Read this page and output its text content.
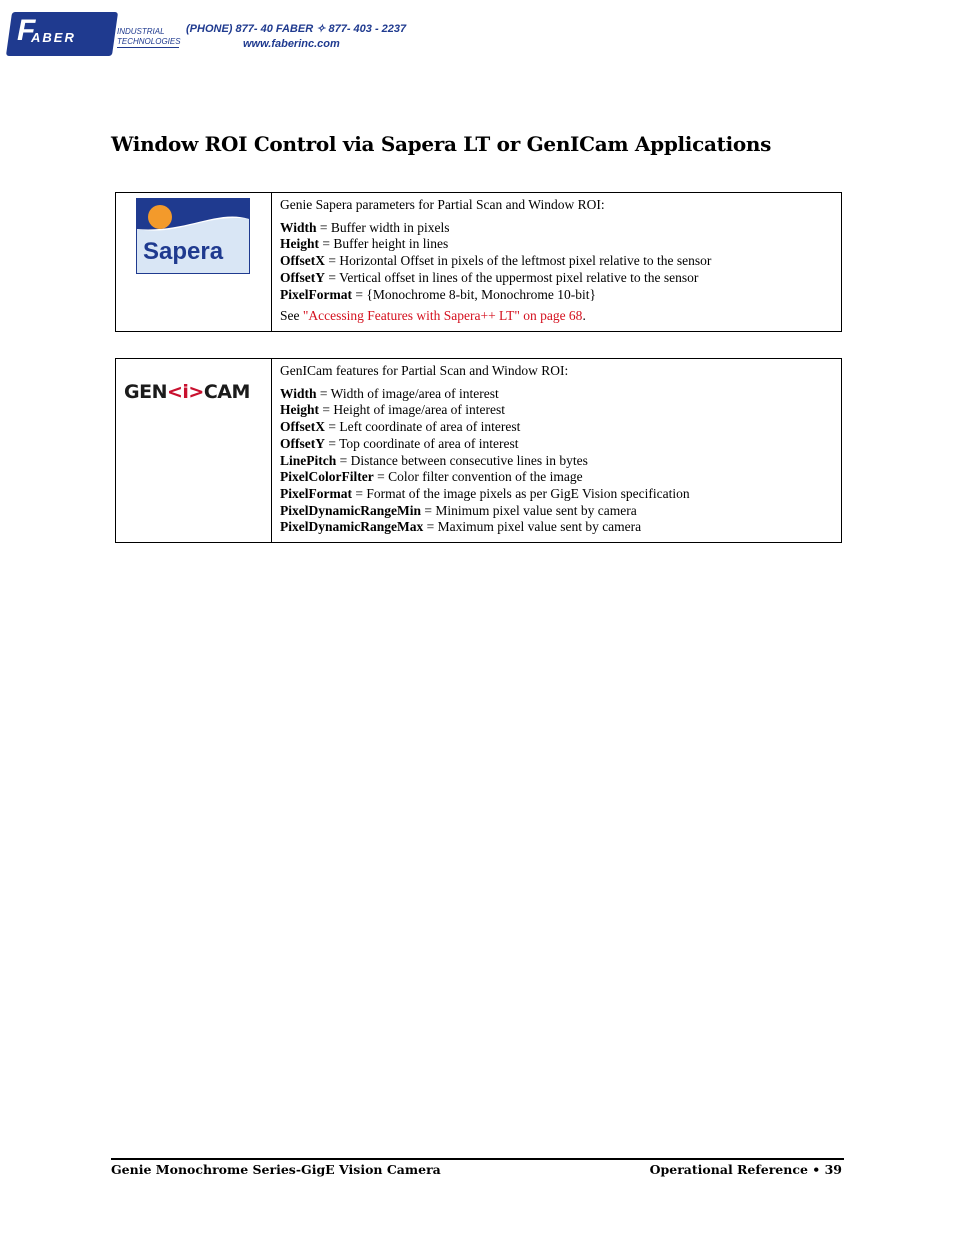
F
ABER	INDUSTRIAL
TECHNOLOGIES
(PHONE) 877- 40 FABER ✧ 877- 403 - 2237
www.faberinc.com
Window ROI Control via Sapera LT or GenICam Applications
Sapera

Genie Sapera parameters for Partial Scan and Window ROI:
Width = Buffer width in pixels
Height = Buffer height in lines
OffsetX = Horizontal Offset in pixels of the leftmost pixel relative to the sensor
OffsetY = Vertical offset in lines of the uppermost pixel relative to the sensor
PixelFormat = {Monochrome 8-bit, Monochrome 10-bit}
See "Accessing Features with Sapera++ LT" on page 68.
GEN<i>CAM

GenICam features for Partial Scan and Window ROI:
Width = Width of image/area of interest
Height = Height of image/area of interest
OffsetX = Left coordinate of area of interest
OffsetY = Top coordinate of area of interest
LinePitch = Distance between consecutive lines in bytes
PixelColorFilter = Color filter convention of the image
PixelFormat = Format of the image pixels as per GigE Vision specification
PixelDynamicRangeMin = Minimum pixel value sent by camera
PixelDynamicRangeMax = Maximum pixel value sent by camera
Genie Monochrome Series-GigE Vision Camera	Operational Reference • 39
